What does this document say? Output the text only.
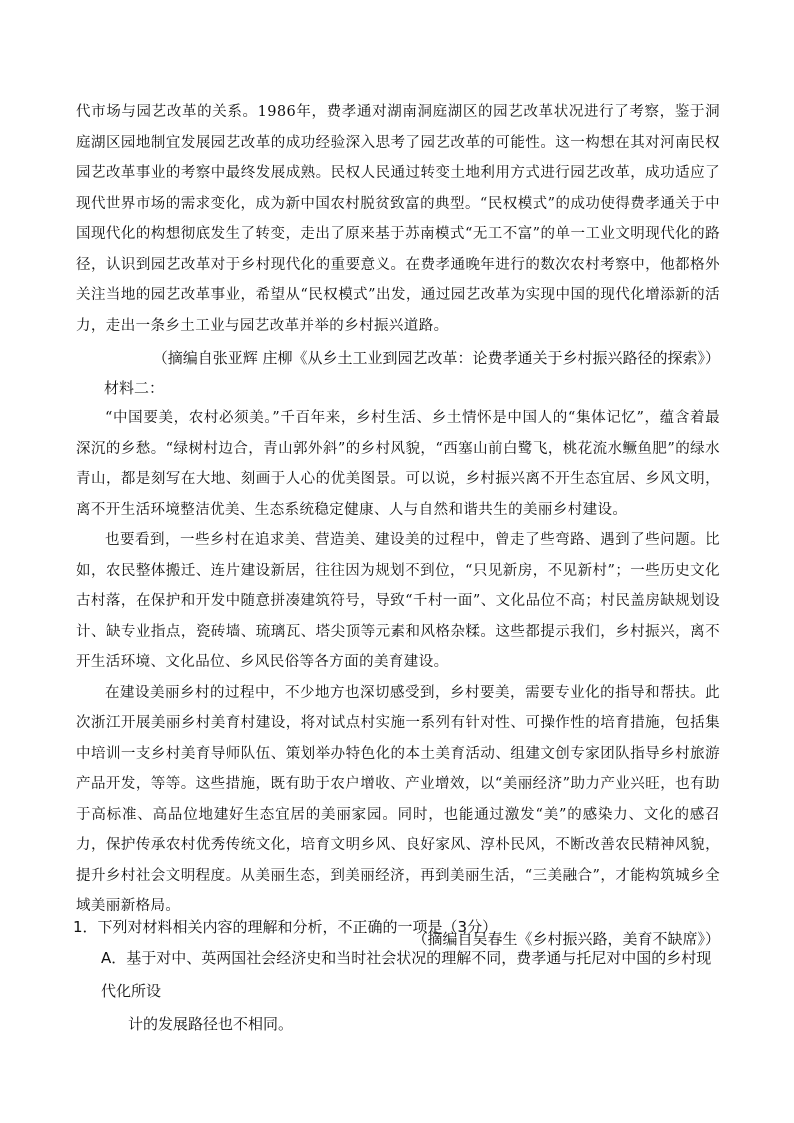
代市场与园艺改革的关系。1986年，费孝通对湖南洞庭湖区的园艺改革状况进行了考察，鉴于洞庭湖区园地制宜发展园艺改革的成功经验深入思考了园艺改革的可能性。这一构想在其对河南民权园艺改革事业的考察中最终发展成熟。民权人民通过转变土地利用方式进行园艺改革，成功适应了现代世界市场的需求变化，成为新中国农村脱贫致富的典型。“民权模式”的成功使得费孝通关于中国现代化的构想彻底发生了转变，走出了原来基于苏南模式“无工不富”的单一工业文明现代化的路径，认识到园艺改革对于乡村现代化的重要意义。在费孝通晚年进行的数次农村考察中，他都格外关注当地的园艺改革事业，希望从“民权模式”出发，通过园艺改革为实现中国的现代化增添新的活力，走出一条乡土工业与园艺改革并举的乡村振兴道路。

（摘编自张亚辉 庄柳《从乡土工业到园艺改革：论费孝通关于乡村振兴路径的探索》）

材料二：

“中国要美，农村必须美。”千百年来，乡村生活、乡土情怀是中国人的“集体记忆”，蕴含着最深沉的乡愁。“绿树村边合，青山郭外斜”的乡村风貌，“西塞山前白鹭飞，桃花流水鳜鱼肥”的绿水青山，都是刻写在大地、刻画于人心的优美图景。可以说，乡村振兴离不开生态宜居、乡风文明，离不开生活环境整洁优美、生态系统稳定健康、人与自然和谐共生的美丽乡村建设。

也要看到，一些乡村在追求美、营造美、建设美的过程中，曾走了些弯路、遇到了些问题。比如，农民整体搬迁、连片建设新居，往往因为规划不到位，“只见新房，不见新村”；一些历史文化古村落，在保护和开发中随意拼凑建筑符号，导致“千村一面”、文化品位不高；村民盖房缺规划设计、缺专业指点，瓷砖墙、琉璃瓦、塔尖顶等元素和风格杂糅。这些都提示我们，乡村振兴，离不开生活环境、文化品位、乡风民俗等各方面的美育建设。

在建设美丽乡村的过程中，不少地方也深切感受到，乡村要美，需要专业化的指导和帮扶。此次浙江开展美丽乡村美育村建设，将对试点村实施一系列有针对性、可操作性的培育措施，包括集中培训一支乡村美育导师队伍、策划举办特色化的本土美育活动、组建文创专家团队指导乡村旅游产品开发，等等。这些措施，既有助于农户增收、产业增效，以“美丽经济”助力产业兴旺，也有助于高标准、高品位地建好生态宜居的美丽家园。同时，也能通过激发“美”的感染力、文化的感召力，保护传承农村优秀传统文化，培育文明乡风、良好家风、淳朴民风，不断改善农民精神风貌，提升乡村社会文明程度。从美丽生态，到美丽经济，再到美丽生活，“三美融合”，才能构筑城乡全域美丽新格局。

（摘编自吴春生《乡村振兴路，美育不缺席》）

1．下列对材料相关内容的理解和分析，不正确的一项是（3分）

A．基于对中、英两国社会经济史和当时社会状况的理解不同，费孝通与托尼对中国的乡村现代化所设
计的发展路径也不相同。
